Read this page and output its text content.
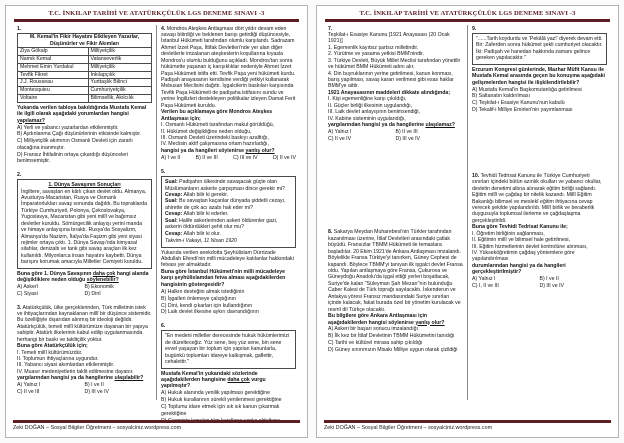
T.C. İNKILAP TARİHİ VE ATATÜRKÇÜLÜK LGS DENEME SINAVI -3
1.
M. Kemal'in Fikir Hayatını Etkileyen Yazarlar, Düşünürler ve Fikir Akımları	
Ziya Gökalp	Milliyetçilik
Namık Kemal	Vatanseverlik
Mehmet Emin Yurdakul	Milliyetçilik
Tevfik Fikret	İnkılapçılık
J.J. Rousseau	Yurttaşlık Bilinci
Montesquieu	Cumhuriyetçilik
Voltaire	Bilimsellik, Akılcılık
Yukarıda verilen tabloya bakıldığında Mustafa Kemal ile ilgili olarak aşağıdaki yorumlardan hangisi yapılamaz?
A) Yerli ve yabancı yazarlardan etkilenmiştir.
B) Aydınlanma Çağı düşünürlerinin etkisinde kalmıştır.
C) Milliyetçilik akımının Osmanlı Devleti için zararlı olacağına inanmıştır.
D) Fransız İhtilalinin ortaya çıkardığı düşünceleri benimsemiştir.
2.
1. Dünya Savaşının Sonuçları
İngiltere, savaştan en kârlı çıkan devlet oldu. Almanya, Avusturya-Macaristan, Rusya ve Osmanlı İmparatorlukları savaş sonunda dağıldı. Bu topraklarda Türkiye Cumhuriyeti, Polonya, Çekoslovakya, Yugoslavya, Macaristan gibi yeni millî ve bağımsız devletler kuruldu. Sömürgecilik anlayışı yerini manda ve himaye anlayışına bıraktı. Rusya'da Sosyalizm, Almanya'da Nazizm, İtalya'da Faşizm gibi yeni siyasi rejimler ortaya çıktı. 1. Dünya Savaşı'nda kimyasal silahlar, denizaltı ve tank gibi savaş araçları ilk kez kullanıldı. Milyonlarca insan hayatını kaybetti. Dünya barışını korumak amacıyla Milletler Cemiyeti kuruldu.
Buna göre 1. Dünya Savaşının daha çok hangi alanda değişikliklere neden olduğu söylenebilir?
A) Askerî	B) Ekonomik
C) Siyasi	D) Dinî
3. Atatürkçülük, ülke gerçeklerinden, Türk milletinin istek ve ihtiyaçlarından kaynaklanan millî bir düşünce sistemidir. Bu özelliğiyle dışarıdan alınmış bir ideoloji değildir. Atatürkçülük, temeli millî kültürümüze dayanan bir yapıya sahiptir. Atatürk ilkelerinin kabul edilip uygulanmasında herhangi bir baskı ve taklitçilik yoktur.
Buna göre Atatürkçülük için;
I. Temeli millî kültürümüzdür.
II. Toplumun ihtiyaçlarına uygundur.
III. Yabancı siyasi akımlardan etkilenmiştir.
IV. Muasır medeniyetlerin taklit edilmesine dayanır.
yargılarından hangisi ya da hangilerine ulaşılabilir?
A) Yalnız I	B) I ve II
C) II ve III	D) III ve IV
4. Mondros Ateşkes Antlaşması dört yıldır devam eden savaşı bitirdiği ve beklenen barışı getirdiği düşüncesiyle, İstanbul Hükümeti tarafından olumlu karşılandı. Sadrazam Ahmet İzzet Paşa, İttifak Devletleri'nde yer alan diğer devletlerle imzalanan ateşkeslerin koşullarına kıyasla Mondros'u olumlu bulduğunu açıkladı. Mondros'tan sonra hükümette yaşanan iç karışıklıklar nedeniyle Ahmet İzzet Paşa Hükümeti istifa etti. Tevfik Paşa yeni hükümeti kurdu. Padişah anayasanın kendisine verdiği yetkiyi kullanarak Mebusan Meclisini dağıttı. İşgalcilerin baskıları karşısında Tevfik Paşa Hükümeti de padişaha istifasını sundu ve yerine İngilizleri destekleyen politikalar izleyen Damat Ferit Paşa Hükümeti kuruldu.
Verilen bu açıklamaya göre Mondros Ateşkes Antlaşması için;
I. Osmanlı Hükümeti tarafından makul görüldüğü,
II. Hükümet değişikliğine neden olduğu,
III. Osmanlı Devleti üzerindeki baskıyı azalttığı,
IV. Meclisin aktif çalışmasına ortam hazırladığı,
hangisi ya da hangileri söylenirse yanlış olur?
A) I ve II	B) II ve III	C) III ve IV	D) II ve IV
5.
Sual: Padişahın ülkesinde savaşacak güçte olan Müslümanların askerle çarpışması dince gerekir mi?
Cevap: Allah bilir ki gerekir.
Sual: Bu savaştan kaçanlar dünyada şiddetli cezayı, ahirette de çok acı azabı hak eder mi?
Cevap: Allah bilir ki ederler.
Sual: Halife askerlerinden askeri öldürenler gazi, askerin öldürdükleri şehit olur mu?
Cevap: Allah bilir ki olur.
Takvim-i Vakayi, 11 Nisan 1920
Yukarıda verilen anekdotta Şeyhülislam Dürrizade Abdullah Efendi'nin milli mücadeleye katılanlar hakkındaki fetvası yer almaktadır.
Buna göre İstanbul Hükümeti'nin milli mücadeleye karşı şeyhülislamdan fetva alması aşağıdakilerden hangisinin göstergesidir?
A) Halkın desteğini almak istediğinin
B) İşgalleri önlemeye çalıştığının
C) Dini, kendi çıkarları için kullandığının
D) Laik devlet ilkesine aykırı davrandığının
6.
"En medeni milletler derecesinde hukuk hükümlerimizi de düzelteceğiz. Yüz sene, beş yüz sene, bin sene evvel yaşayan bir toplum için yapılan kanunlarla, bugünkü toplumları idareye kalkışmak, gaflettir, cehalettir."
Mustafa Kemal'in yukarıdaki sözlerinde aşağıdakilerden hangisine daha çok vurgu yapılmıştır?
A) Hukuk alanında yenilik yapılması gerektiğine
B) Hukuk kurallarının sürekli yenilenmesi gerektiğine
C) Toplumu idare etmek için sık sık kanun çıkarmak gerektiğine
Zeki DOĞAN – Sosyal Bilgiler Öğretmeni – sosyalciniz.wordpress.com
T.C. İNKILAP TARİHİ VE ATATÜRKÇÜLÜK LGS DENEME SINAVI -3
7.
Teşkilat-ı Esasiye Kanunu [1921 Anayasası (20 Ocak 1921)]
1. Egemenlik kayıtsız şartsız milletindir.
2. Yürütme ve yasama yetkisi BMM'nindir.
3. Türkiye Devleti, Büyük Millet Meclisi tarafından yönetilir ve hükümet BMM Hükümeti adını alır.
4. Din buyruklarının yerine getirilmesi, kanun konması, barış yapılması, savaş kararı verilmesi gibi esas haklar BMM'ye aittir.
1921 Anayasasının maddeleri dikkate alındığında;
I. Kişi egemenliğine karşı çıkıldığı,
II. Güçler birliği ilkesinin uygulandığı,
III. Laik devlet anlayışının benimsendiği,
IV. Kabine sisteminin uygulandığı,
yargılarından hangisi ya da hangilerine ulaşılamaz?
A) Yalnız I	B) II ve III
C) II ve IV	D) III ve IV
8. Sakarya Meydan Muharebesi'nin Türkler tarafından kazanılması üzerine, İtilaf Devletleri arasındaki çatlak büyüdü. Fransızlar TBMM Hükümeti ile temaslara başladılar. 20 Ekim 1921'de Ankara Antlaşması imzalandı. Böylelikle Fransa Türkiye'yi tanırken, Güney Cephesi de kapandı. Böylece TBMM'yi tanıyan ilk işgalci devlet Fransa oldu. Yapılan antlaşmaya göre Fransa, Çukurova ve Güneydoğu Anadolu'da işgal ettiği yerleri boşaltacak, Suriye'de kalan "Süleyman Şah Mezarı"nın bulunduğu Caber Kalesi de Türk toprağı sayılacaktı. İskenderun ve Antakya yöresi Fransız mandasındaki Suriye sınırları içinde kalacak, fakat burada özel bir yönetim kurulacak ve resmî dil Türkçe olacaktı.
Bu bilgilere göre Ankara Antlaşması için aşağıdakilerden hangisi söylenirse yanlış olur?
A) Askeri bir başarı sonucu imzalandığı
B) İlk kez bir İtilaf Devletinin TBMM Hükümetini tanıdığı
C) Tarihi ve kültürel mirasa sahip çıkıldığı
D) Güney sınırımızın Misakı Milliye uygun olarak çizildiği
9.
"......Tarih koydurdu ve 'Pekâlâ yaz!' diyerek devam etti.
Bir: Zaferden sonra hükümet şekli cumhuriyet olacaktır.
İki: Padişah ve hanedan hakkında zamanı gelince gereken yapılacaktır."
Erzurum Kongresi günlerinde, Mazhar Müfit Kansu ile Mustafa Kemal arasında geçen bu konuşma aşağıdaki gelişmelerden hangisi ile ilişkilendirilebilir?
A) Mustafa Kemal'in Başkomutanlığa getirilmesi
B) Saltanatın kaldırılması
C) Teşkilat-ı Esasiye Kanunu'nun kabulü
D) Tekalif-i Milliye Emirleri'nin yayımlanması
10. Tevhidi Tedrisat Kanunu ile Türkiye Cumhuriyeti sınırları içindeki bütün azınlık okulları ve yabancı okullar, devletin denetimi altına alınarak eğitim birliği sağlandı. Eğitim millî ve çağdaş bir nitelik kazandı. Millî Eğitim Bakanlığı bilimsel ve meslekî eğitim ihtiyacına cevap verecek şekilde yapılandırıldı. Millî birlik ve beraberlik duygusuyla toplumsal ilerleme ve çağdaşlaşma gerçekleştirildi.
Buna göre Tevhidi Tedrisat Kanunu ile;
I. Öğretim birliğinin sağlanması,
II. Eğitimin millî ve bilimsel hale getirilmesi,
III. Eğitim hizmetlerinin devlet kontrolüne alınması,
IV. Yükseköğretimin çağdaş yöntemlere göre yapılandırılması
durumlarından hangisi ya da hangileri gerçekleştirilmiştir?
A) Yalnız I	B) I ve II
C) I, II ve III	D) III ve IV
Zeki DOĞAN – Sosyal Bilgiler Öğretmeni – sosyalciniz.wordpress.com
